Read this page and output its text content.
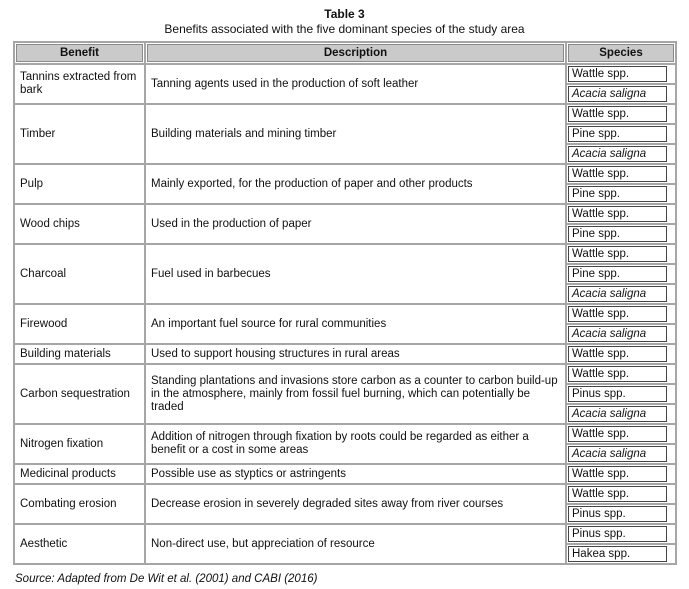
Table 3
Benefits associated with the five dominant species of the study area
Benefit	Description	Species

Tannins extracted from bark	Tanning agents used in the production of soft leather	Wattle spp.

		Acacia saligna

Timber	Building materials and mining timber	Wattle spp.

		Pine spp.

		Acacia saligna

Pulp	Mainly exported, for the production of paper and other products	Wattle spp.

		Pine spp.

Wood chips	Used in the production of paper	Wattle spp.

		Pine spp.

Charcoal	Fuel used in barbecues	Wattle spp.

		Pine spp.

		Acacia saligna

Firewood	An important fuel source for rural communities	Wattle spp.

		Acacia saligna

Building materials	Used to support housing structures in rural areas	Wattle spp.

Carbon sequestration	Standing plantations and invasions store carbon as a counter to carbon build-up in the atmosphere, mainly from fossil fuel burning, which can potentially be traded	Wattle spp.

		Pinus spp.

		Acacia saligna

Nitrogen fixation	Addition of nitrogen through fixation by roots could be regarded as either a benefit or a cost in some areas	Wattle spp.

		Acacia saligna

Medicinal products	Possible use as styptics or astringents	Wattle spp.

Combating erosion	Decrease erosion in severely degraded sites away from river courses	Wattle spp.

		Pinus spp.

Aesthetic	Non-direct use, but appreciation of resource	Pinus spp.

		Hakea spp.
Source: Adapted from De Wit et al. (2001) and CABI (2016)
